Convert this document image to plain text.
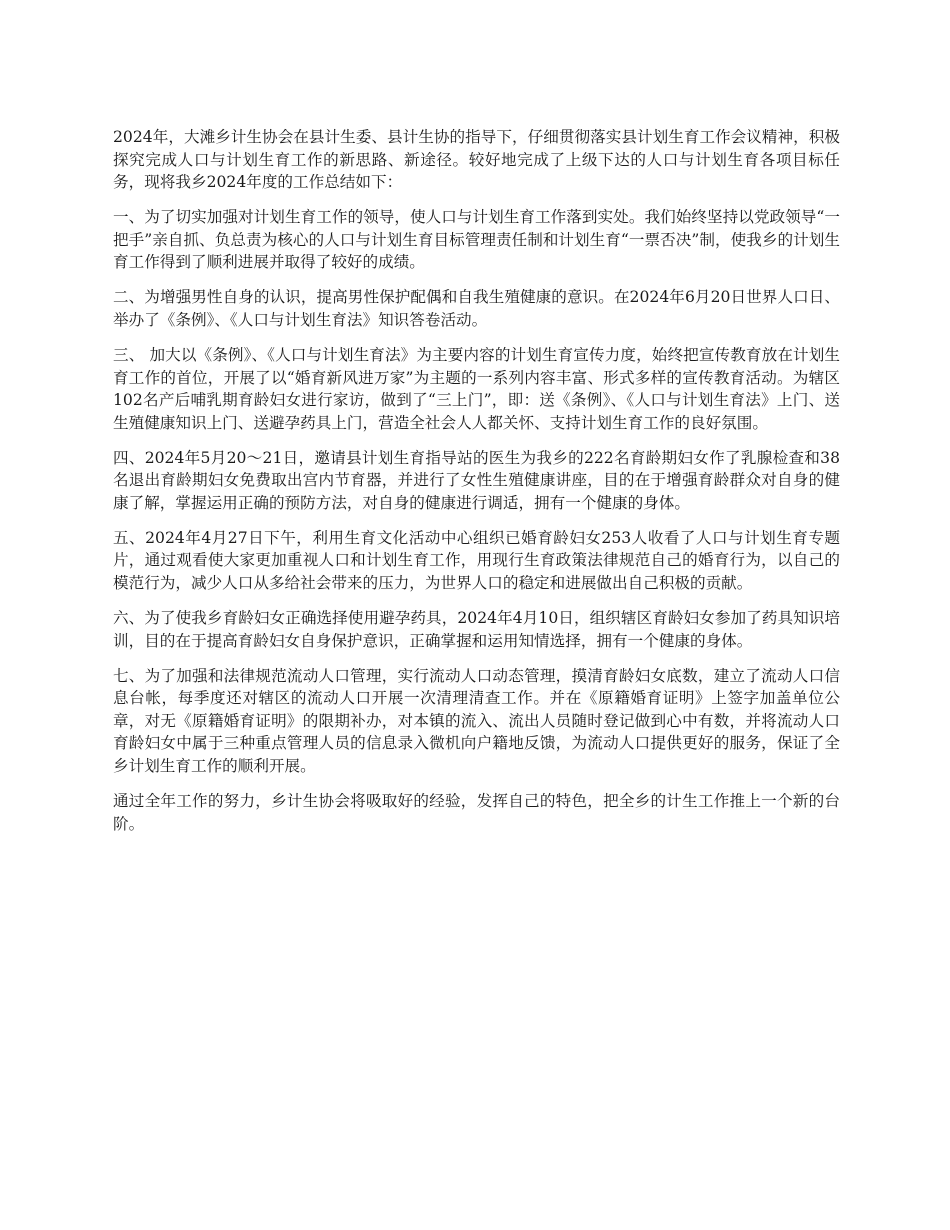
2024年，大滩乡计生协会在县计生委、县计生协的指导下，仔细贯彻落实县计划生育工作会议精神，积极探究完成人口与计划生育工作的新思路、新途径。较好地完成了上级下达的人口与计划生育各项目标任务，现将我乡2024年度的工作总结如下：

一、为了切实加强对计划生育工作的领导，使人口与计划生育工作落到实处。我们始终坚持以党政领导“一把手”亲自抓、负总责为核心的人口与计划生育目标管理责任制和计划生育“一票否决”制，使我乡的计划生育工作得到了顺利进展并取得了较好的成绩。

二、为增强男性自身的认识，提高男性保护配偶和自我生殖健康的意识。在2024年6月20日世界人口日、举办了《条例》、《人口与计划生育法》知识答卷活动。

三、 加大以《条例》、《人口与计划生育法》为主要内容的计划生育宣传力度，始终把宣传教育放在计划生育工作的首位，开展了以“婚育新风进万家”为主题的一系列内容丰富、形式多样的宣传教育活动。为辖区102名产后哺乳期育龄妇女进行家访，做到了“三上门”，即：送《条例》、《人口与计划生育法》上门、送生殖健康知识上门、送避孕药具上门，营造全社会人人都关怀、支持计划生育工作的良好氛围。

四、2024年5月20～21日，邀请县计划生育指导站的医生为我乡的222名育龄期妇女作了乳腺检查和38名退出育龄期妇女免费取出宫内节育器，并进行了女性生殖健康讲座，目的在于增强育龄群众对自身的健康了解，掌握运用正确的预防方法，对自身的健康进行调适，拥有一个健康的身体。

五、2024年4月27日下午，利用生育文化活动中心组织已婚育龄妇女253人收看了人口与计划生育专题片，通过观看使大家更加重视人口和计划生育工作，用现行生育政策法律规范自己的婚育行为，以自己的模范行为，减少人口从多给社会带来的压力，为世界人口的稳定和进展做出自己积极的贡献。

六、为了使我乡育龄妇女正确选择使用避孕药具，2024年4月10日，组织辖区育龄妇女参加了药具知识培训，目的在于提高育龄妇女自身保护意识，正确掌握和运用知情选择，拥有一个健康的身体。

七、为了加强和法律规范流动人口管理，实行流动人口动态管理，摸清育龄妇女底数，建立了流动人口信息台帐，每季度还对辖区的流动人口开展一次清理清查工作。并在《原籍婚育证明》上签字加盖单位公章，对无《原籍婚育证明》的限期补办，对本镇的流入、流出人员随时登记做到心中有数，并将流动人口育龄妇女中属于三种重点管理人员的信息录入微机向户籍地反馈，为流动人口提供更好的服务，保证了全乡计划生育工作的顺利开展。

通过全年工作的努力，乡计生协会将吸取好的经验，发挥自己的特色，把全乡的计生工作推上一个新的台阶。
